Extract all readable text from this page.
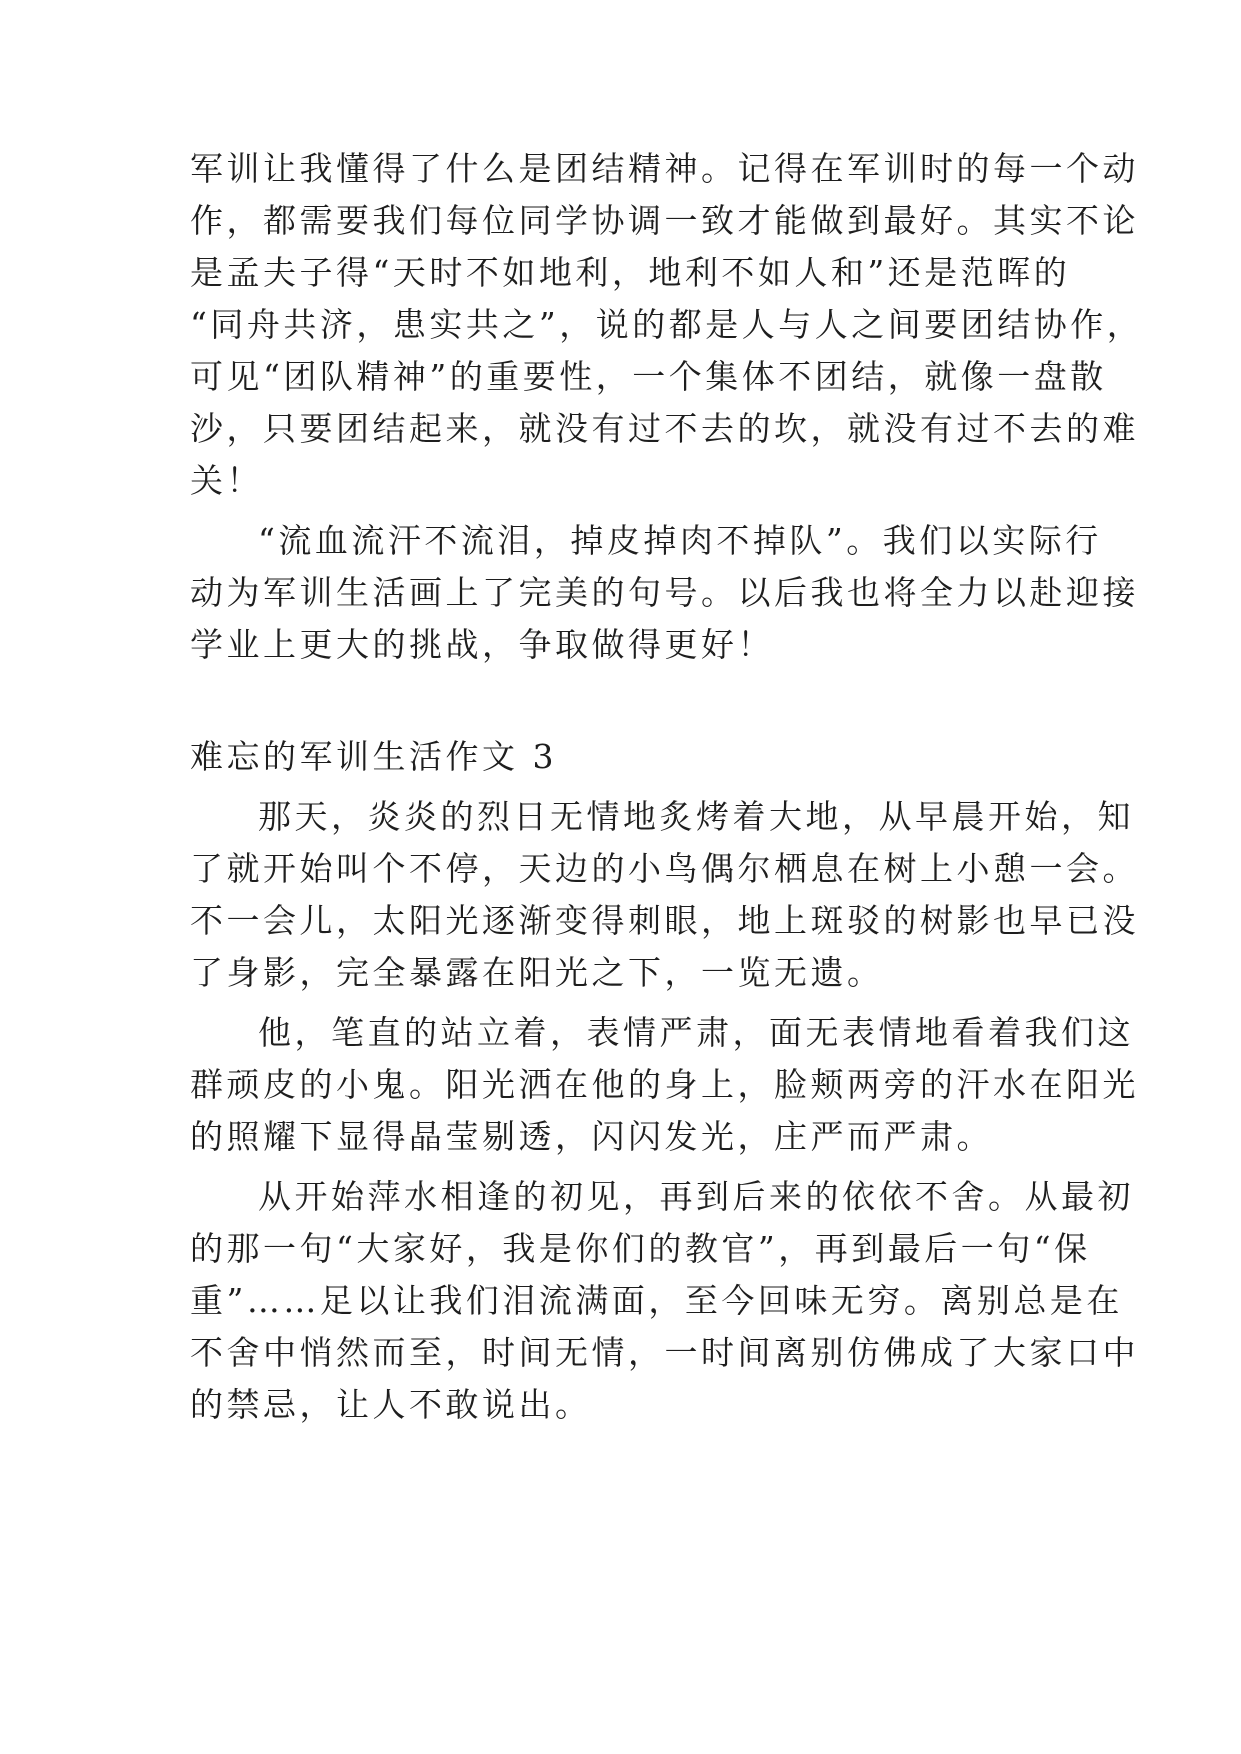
军训让我懂得了什么是团结精神。记得在军训时的每一个动

作，都需要我们每位同学协调一致才能做到最好。其实不论

是孟夫子得“天时不如地利，地利不如人和”还是范晖的

“同舟共济，患实共之”，说的都是人与人之间要团结协作，

可见“团队精神”的重要性，一个集体不团结，就像一盘散

沙，只要团结起来，就没有过不去的坎，就没有过不去的难

关！

“流血流汗不流泪，掉皮掉肉不掉队”。我们以实际行

动为军训生活画上了完美的句号。以后我也将全力以赴迎接

学业上更大的挑战，争取做得更好！

难忘的军训生活作文 3

那天，炎炎的烈日无情地炙烤着大地，从早晨开始，知

了就开始叫个不停，天边的小鸟偶尔栖息在树上小憩一会。

不一会儿，太阳光逐渐变得刺眼，地上斑驳的树影也早已没

了身影，完全暴露在阳光之下，一览无遗。

他，笔直的站立着，表情严肃，面无表情地看着我们这

群顽皮的小鬼。阳光洒在他的身上，脸颊两旁的汗水在阳光

的照耀下显得晶莹剔透，闪闪发光，庄严而严肃。

从开始萍水相逢的初见，再到后来的依依不舍。从最初

的那一句“大家好，我是你们的教官”，再到最后一句“保

重”……足以让我们泪流满面，至今回味无穷。离别总是在

不舍中悄然而至，时间无情，一时间离别仿佛成了大家口中

的禁忌，让人不敢说出。
